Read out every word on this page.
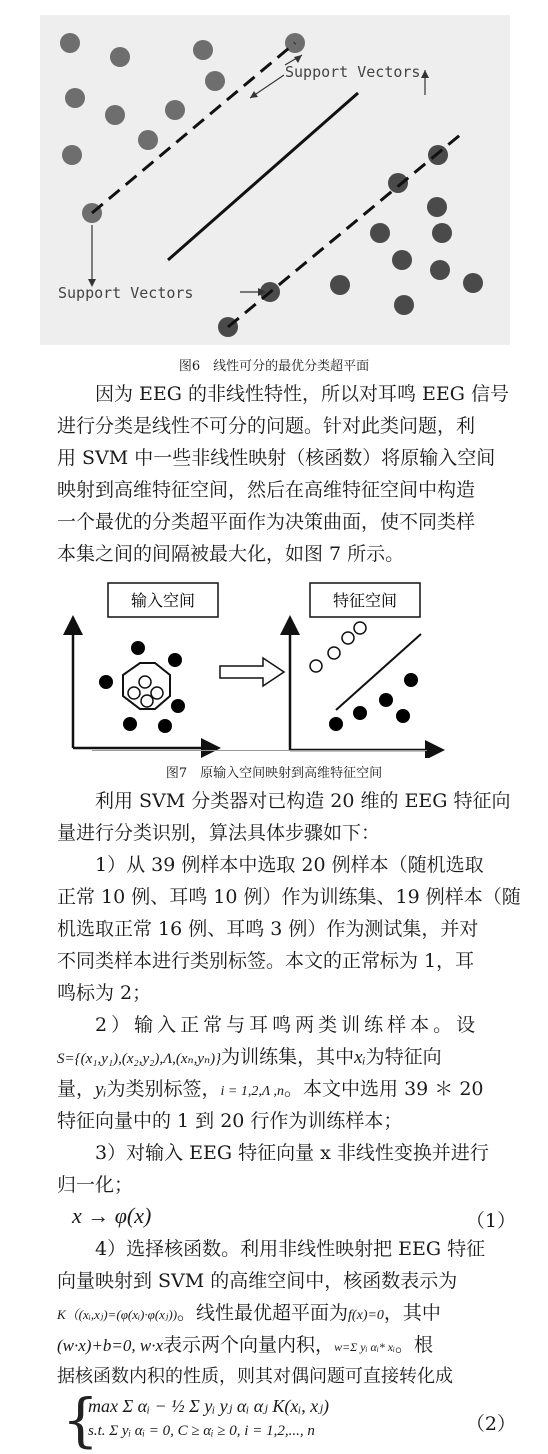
Support Vectors
Support Vectors
图6　线性可分的最优分类超平面
因为 EEG 的非线性特性，所以对耳鸣 EEG 信号
进行分类是线性不可分的问题。针对此类问题，利
用 SVM 中一些非线性映射（核函数）将原输入空间
映射到高维特征空间，然后在高维特征空间中构造
一个最优的分类超平面作为决策曲面，使不同类样
本集之间的间隔被最大化，如图 7 所示。
输入空间	特征空间
图7　原输入空间映射到高维特征空间
利用 SVM 分类器对已构造 20 维的 EEG 特征向
量进行分类识别，算法具体步骤如下：
1）从 39 例样本中选取 20 例样本（随机选取
正常 10 例、耳鸣 10 例）作为训练集、19 例样本（随
机选取正常 16 例、耳鸣 3 例）作为测试集，并对
不同类样本进行类别标签。本文的正常标为 1，耳
鸣标为 2；
2）输入正常与耳鸣两类训练样本。设
S={(x₁,y₁),(x₂,y₂),Λ,(xₙ,yₙ)}为训练集，其中xᵢ为特征向
量，yᵢ为类别标签，i = 1,2,Λ ,n。本文中选用 39 ＊ 20
特征向量中的 1 到 20 行作为训练样本；
3）对输入 EEG 特征向量 x 非线性变换并进行
归一化；
x → φ(x)	（1）
4）选择核函数。利用非线性映射把 EEG 特征
向量映射到 SVM 的高维空间中，核函数表示为
K（(xᵢ,xⱼ)=(φ(xᵢ)·φ(xⱼ))。线性最优超平面为f(x)=0，其中
(w·x)+b=0, w·x表示两个向量内积，w=Σ yᵢ αᵢ* xᵢ。根
据核函数内积的性质，则其对偶问题可直接转化成
{
max Σ αᵢ − ½ Σ yᵢ yⱼ αᵢ αⱼ K(xᵢ, xⱼ)
s.t. Σ yᵢ αᵢ = 0, C ≥ αᵢ ≥ 0, i = 1,2,..., n	（2）
